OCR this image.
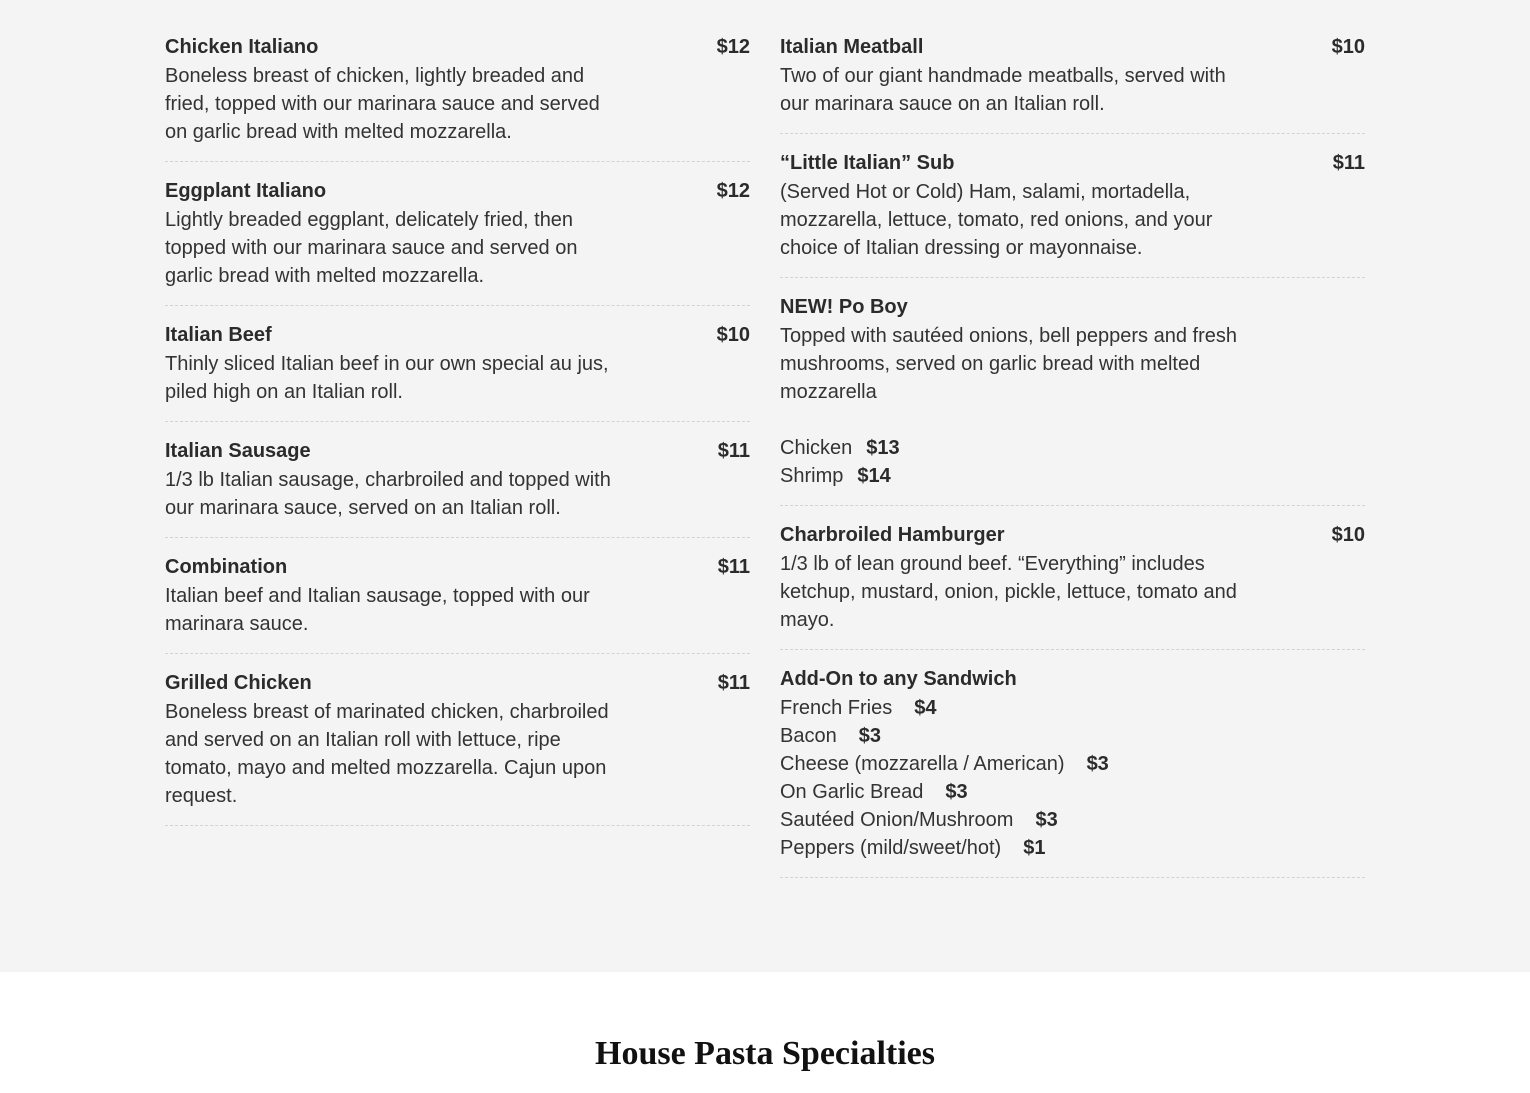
Chicken Italiano	$12
Boneless breast of chicken, lightly breaded and fried, topped with our marinara sauce and served on garlic bread with melted mozzarella.
Eggplant Italiano	$12
Lightly breaded eggplant, delicately fried, then topped with our marinara sauce and served on garlic bread with melted mozzarella.
Italian Beef	$10
Thinly sliced Italian beef in our own special au jus, piled high on an Italian roll.
Italian Sausage	$11
1/3 lb Italian sausage, charbroiled and topped with our marinara sauce, served on an Italian roll.
Combination	$11
Italian beef and Italian sausage, topped with our marinara sauce.
Grilled Chicken	$11
Boneless breast of marinated chicken, charbroiled and served on an Italian roll with lettuce, ripe tomato, mayo and melted mozzarella. Cajun upon request.
Italian Meatball	$10
Two of our giant handmade meatballs, served with our marinara sauce on an Italian roll.
“Little Italian” Sub	$11
(Served Hot or Cold) Ham, salami, mortadella, mozzarella, lettuce, tomato, red onions, and your choice of Italian dressing or mayonnaise.
NEW! Po Boy
Topped with sautéed onions, bell peppers and fresh mushrooms, served on garlic bread with melted mozzarella
Chicken $13
Shrimp $14
Charbroiled Hamburger	$10
1/3 lb of lean ground beef. “Everything” includes ketchup, mustard, onion, pickle, lettuce, tomato and mayo.
Add-On to any Sandwich
French Fries $4
Bacon $3
Cheese (mozzarella / American) $3
On Garlic Bread $3
Sautéed Onion/Mushroom $3
Peppers (mild/sweet/hot) $1
House Pasta Specialties
